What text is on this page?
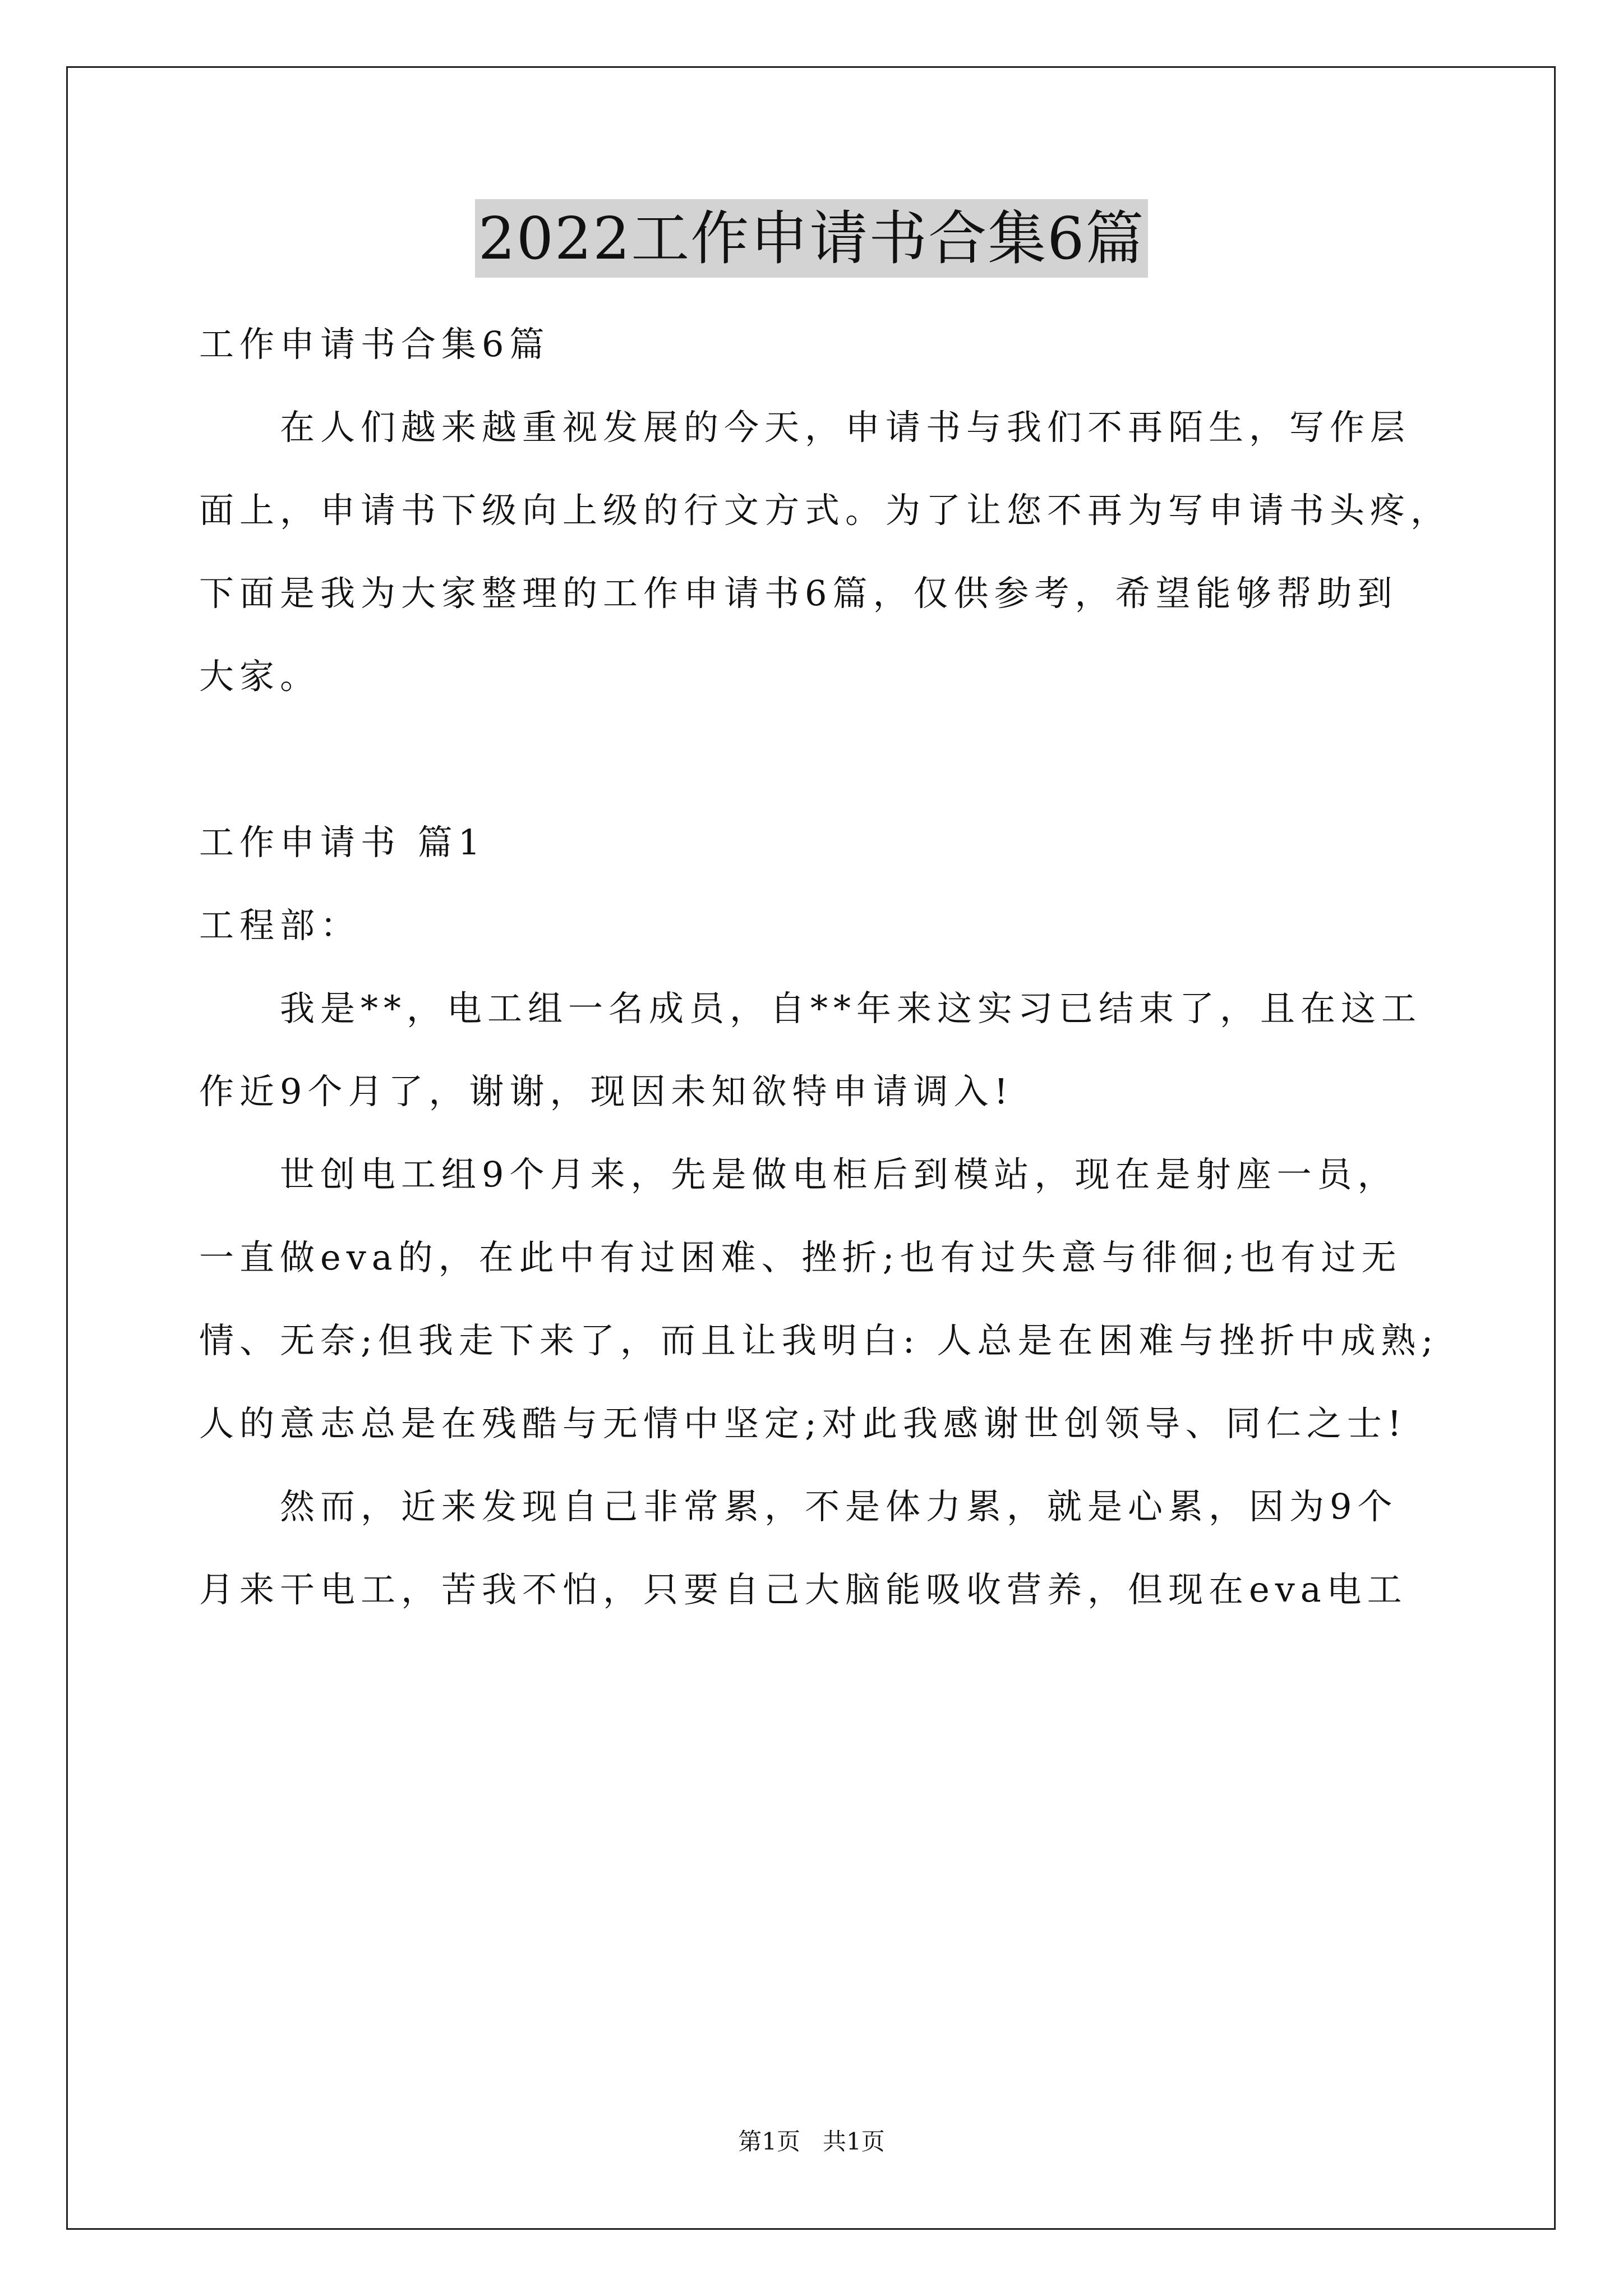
2022工作申请书合集6篇
工作申请书合集6篇
　　在人们越来越重视发展的今天，申请书与我们不再陌生，写作层
面上，申请书下级向上级的行文方式。为了让您不再为写申请书头疼，
下面是我为大家整理的工作申请书6篇，仅供参考，希望能够帮助到
大家。
工作申请书 篇1
工程部：
　　我是**，电工组一名成员，自**年来这实习已结束了，且在这工
作近9个月了，谢谢，现因未知欲特申请调入!
　　世创电工组9个月来，先是做电柜后到模站，现在是射座一员，
一直做eva的，在此中有过困难、挫折;也有过失意与徘徊;也有过无
情、无奈;但我走下来了，而且让我明白: 人总是在困难与挫折中成熟;
人的意志总是在残酷与无情中坚定;对此我感谢世创领导、同仁之士!
　　然而，近来发现自己非常累，不是体力累，就是心累，因为9个
月来干电工，苦我不怕，只要自己大脑能吸收营养，但现在eva电工
第1页   共1页
